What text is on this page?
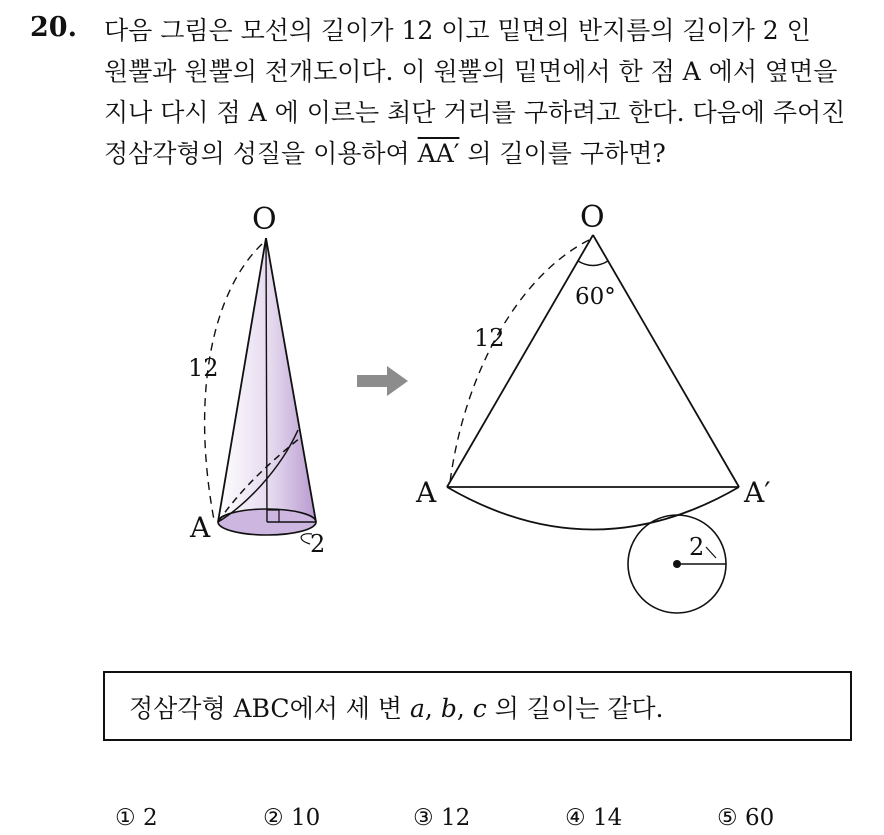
20. 다음 그림은 모선의 길이가 12 이고 밑면의 반지름의 길이가 2 인
원뿔과 원뿔의 전개도이다. 이 원뿔의 밑면에서 한 점 A 에서 옆면을
지나 다시 점 A 에 이르는 최단 거리를 구하려고 한다. 다음에 주어진
정삼각형의 성질을 이용하여 AA′ 의 길이를 구하면?
O
12
A	2
O
60°
12
A	A′
2
정삼각형 ABC에서 세 변 a, b, c 의 길이는 같다.
① 2	② 10	③ 12	④ 14	⑤ 60
